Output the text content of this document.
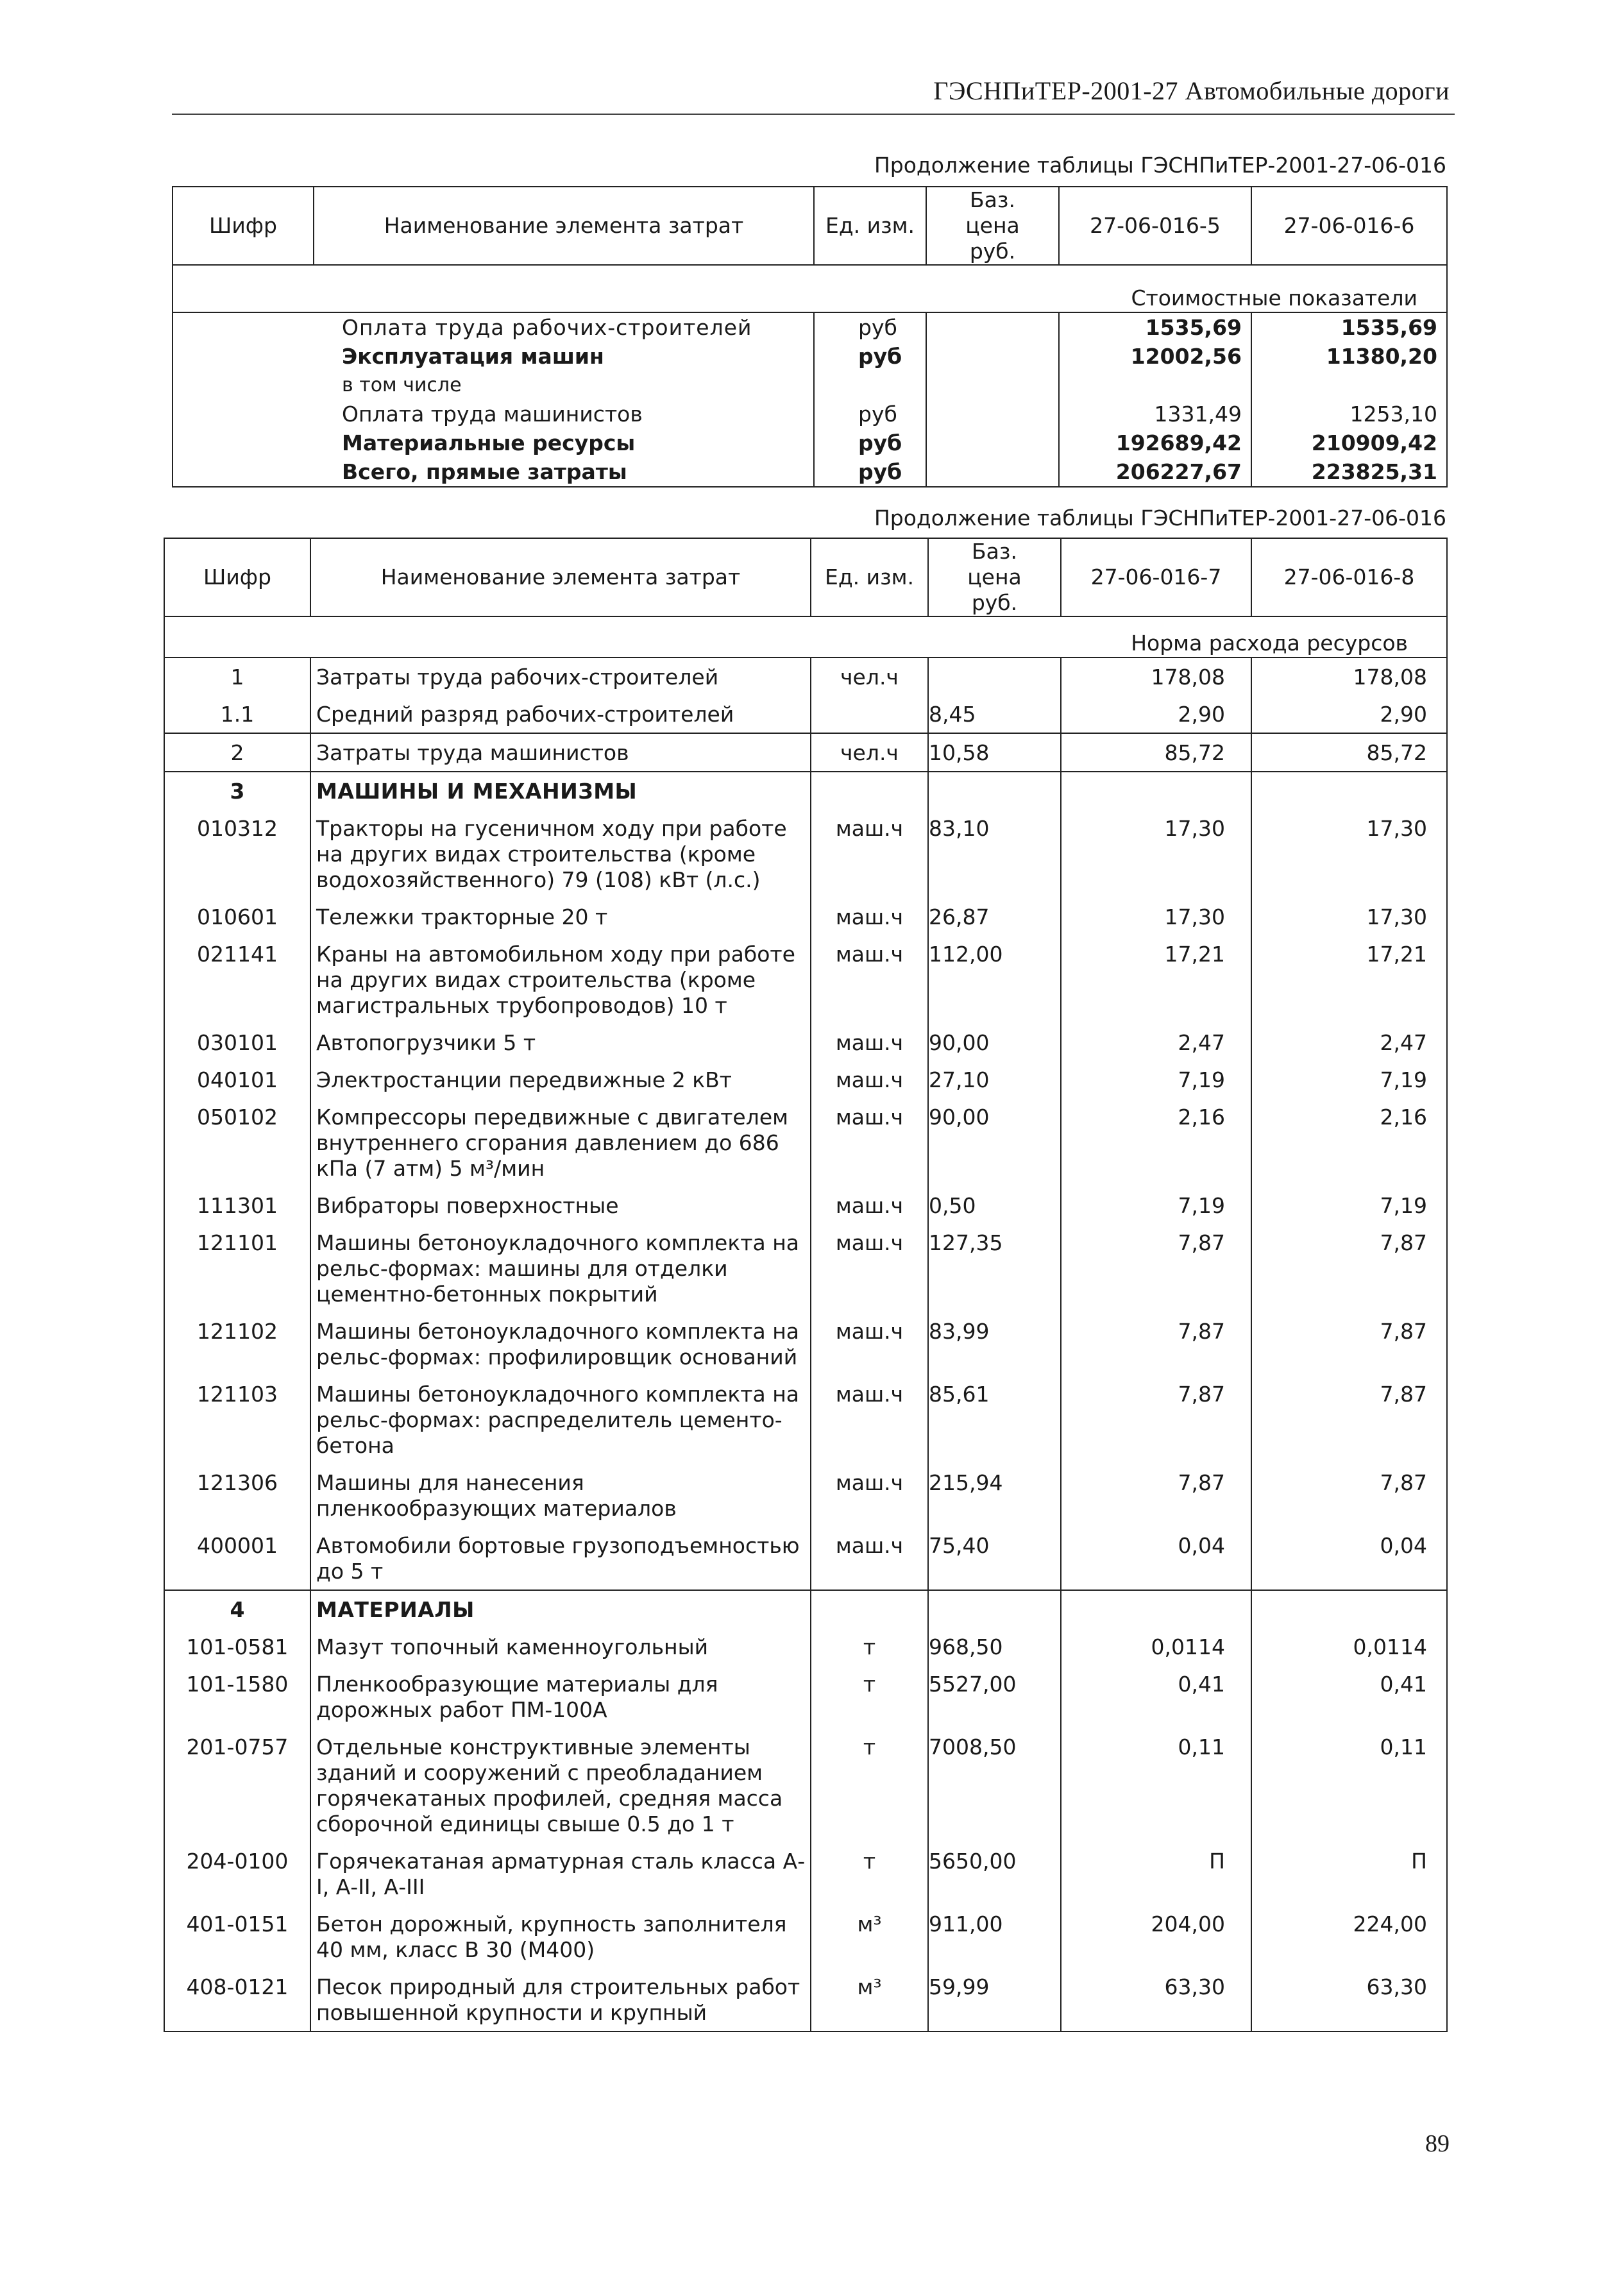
ГЭСНПиТЕР-2001-27 Автомобильные дороги
Продолжение таблицы ГЭСНПиТЕР-2001-27-06-016
Шифр	Наименование элемента затрат	Ед. изм.	Баз. цена руб.	27-06-016-5	27-06-016-6
Стоимостные показатели					
	Оплата труда рабочих-строителей	руб		1535,69	1535,69
	Эксплуатация машин	руб		12002,56	11380,20
	в том числе				
	Оплата труда машинистов	руб		1331,49	1253,10
	Материальные ресурсы	руб		192689,42	210909,42
	Всего, прямые затраты	руб		206227,67	223825,31
Продолжение таблицы ГЭСНПиТЕР-2001-27-06-016
Шифр	Наименование элемента затрат	Ед. изм.	Баз. цена руб.	27-06-016-7	27-06-016-8
Норма расхода ресурсов					
1	Затраты труда рабочих-строителей	чел.ч		178,08	178,08
1.1	Средний разряд рабочих-строителей		8,45	2,90	2,90
2	Затраты труда машинистов	чел.ч	10,58	85,72	85,72
3	МАШИНЫ И МЕХАНИЗМЫ				
010312	Тракторы на гусеничном ходу при работе на других видах строительства (кроме водохозяйственного) 79 (108) кВт (л.с.)	маш.ч	83,10	17,30	17,30
010601	Тележки тракторные 20 т	маш.ч	26,87	17,30	17,30
021141	Краны на автомобильном ходу при работе на других видах строительства (кроме магистральных трубопроводов) 10 т	маш.ч	112,00	17,21	17,21
030101	Автопогрузчики 5 т	маш.ч	90,00	2,47	2,47
040101	Электростанции передвижные 2 кВт	маш.ч	27,10	7,19	7,19
050102	Компрессоры передвижные с двигателем внутреннего сгорания давлением до 686 кПа (7 атм) 5 м³/мин	маш.ч	90,00	2,16	2,16
111301	Вибраторы поверхностные	маш.ч	0,50	7,19	7,19
121101	Машины бетоноукладочного комплекта на рельс-формах: машины для отделки цементно-бетонных покрытий	маш.ч	127,35	7,87	7,87
121102	Машины бетоноукладочного комплекта на рельс-формах: профилировщик оснований	маш.ч	83,99	7,87	7,87
121103	Машины бетоноукладочного комплекта на рельс-формах: распределитель цементо-бетона	маш.ч	85,61	7,87	7,87
121306	Машины для нанесения пленкообразующих материалов	маш.ч	215,94	7,87	7,87
400001	Автомобили бортовые грузоподъемностью до 5 т	маш.ч	75,40	0,04	0,04
4	МАТЕРИАЛЫ				
101-0581	Мазут топочный каменноугольный	т	968,50	0,0114	0,0114
101-1580	Пленкообразующие материалы для дорожных работ ПМ-100А	т	5527,00	0,41	0,41
201-0757	Отдельные конструктивные элементы зданий и сооружений с преобладанием горячекатаных профилей, средняя масса сборочной единицы свыше 0.5 до 1 т	т	7008,50	0,11	0,11
204-0100	Горячекатаная арматурная сталь класса А-I, А-II, А-III	т	5650,00	П	П
401-0151	Бетон дорожный, крупность заполнителя 40 мм, класс В 30 (М400)	м³	911,00	204,00	224,00
408-0121	Песок природный для строительных работ повышенной крупности и крупный	м³	59,99	63,30	63,30
89
